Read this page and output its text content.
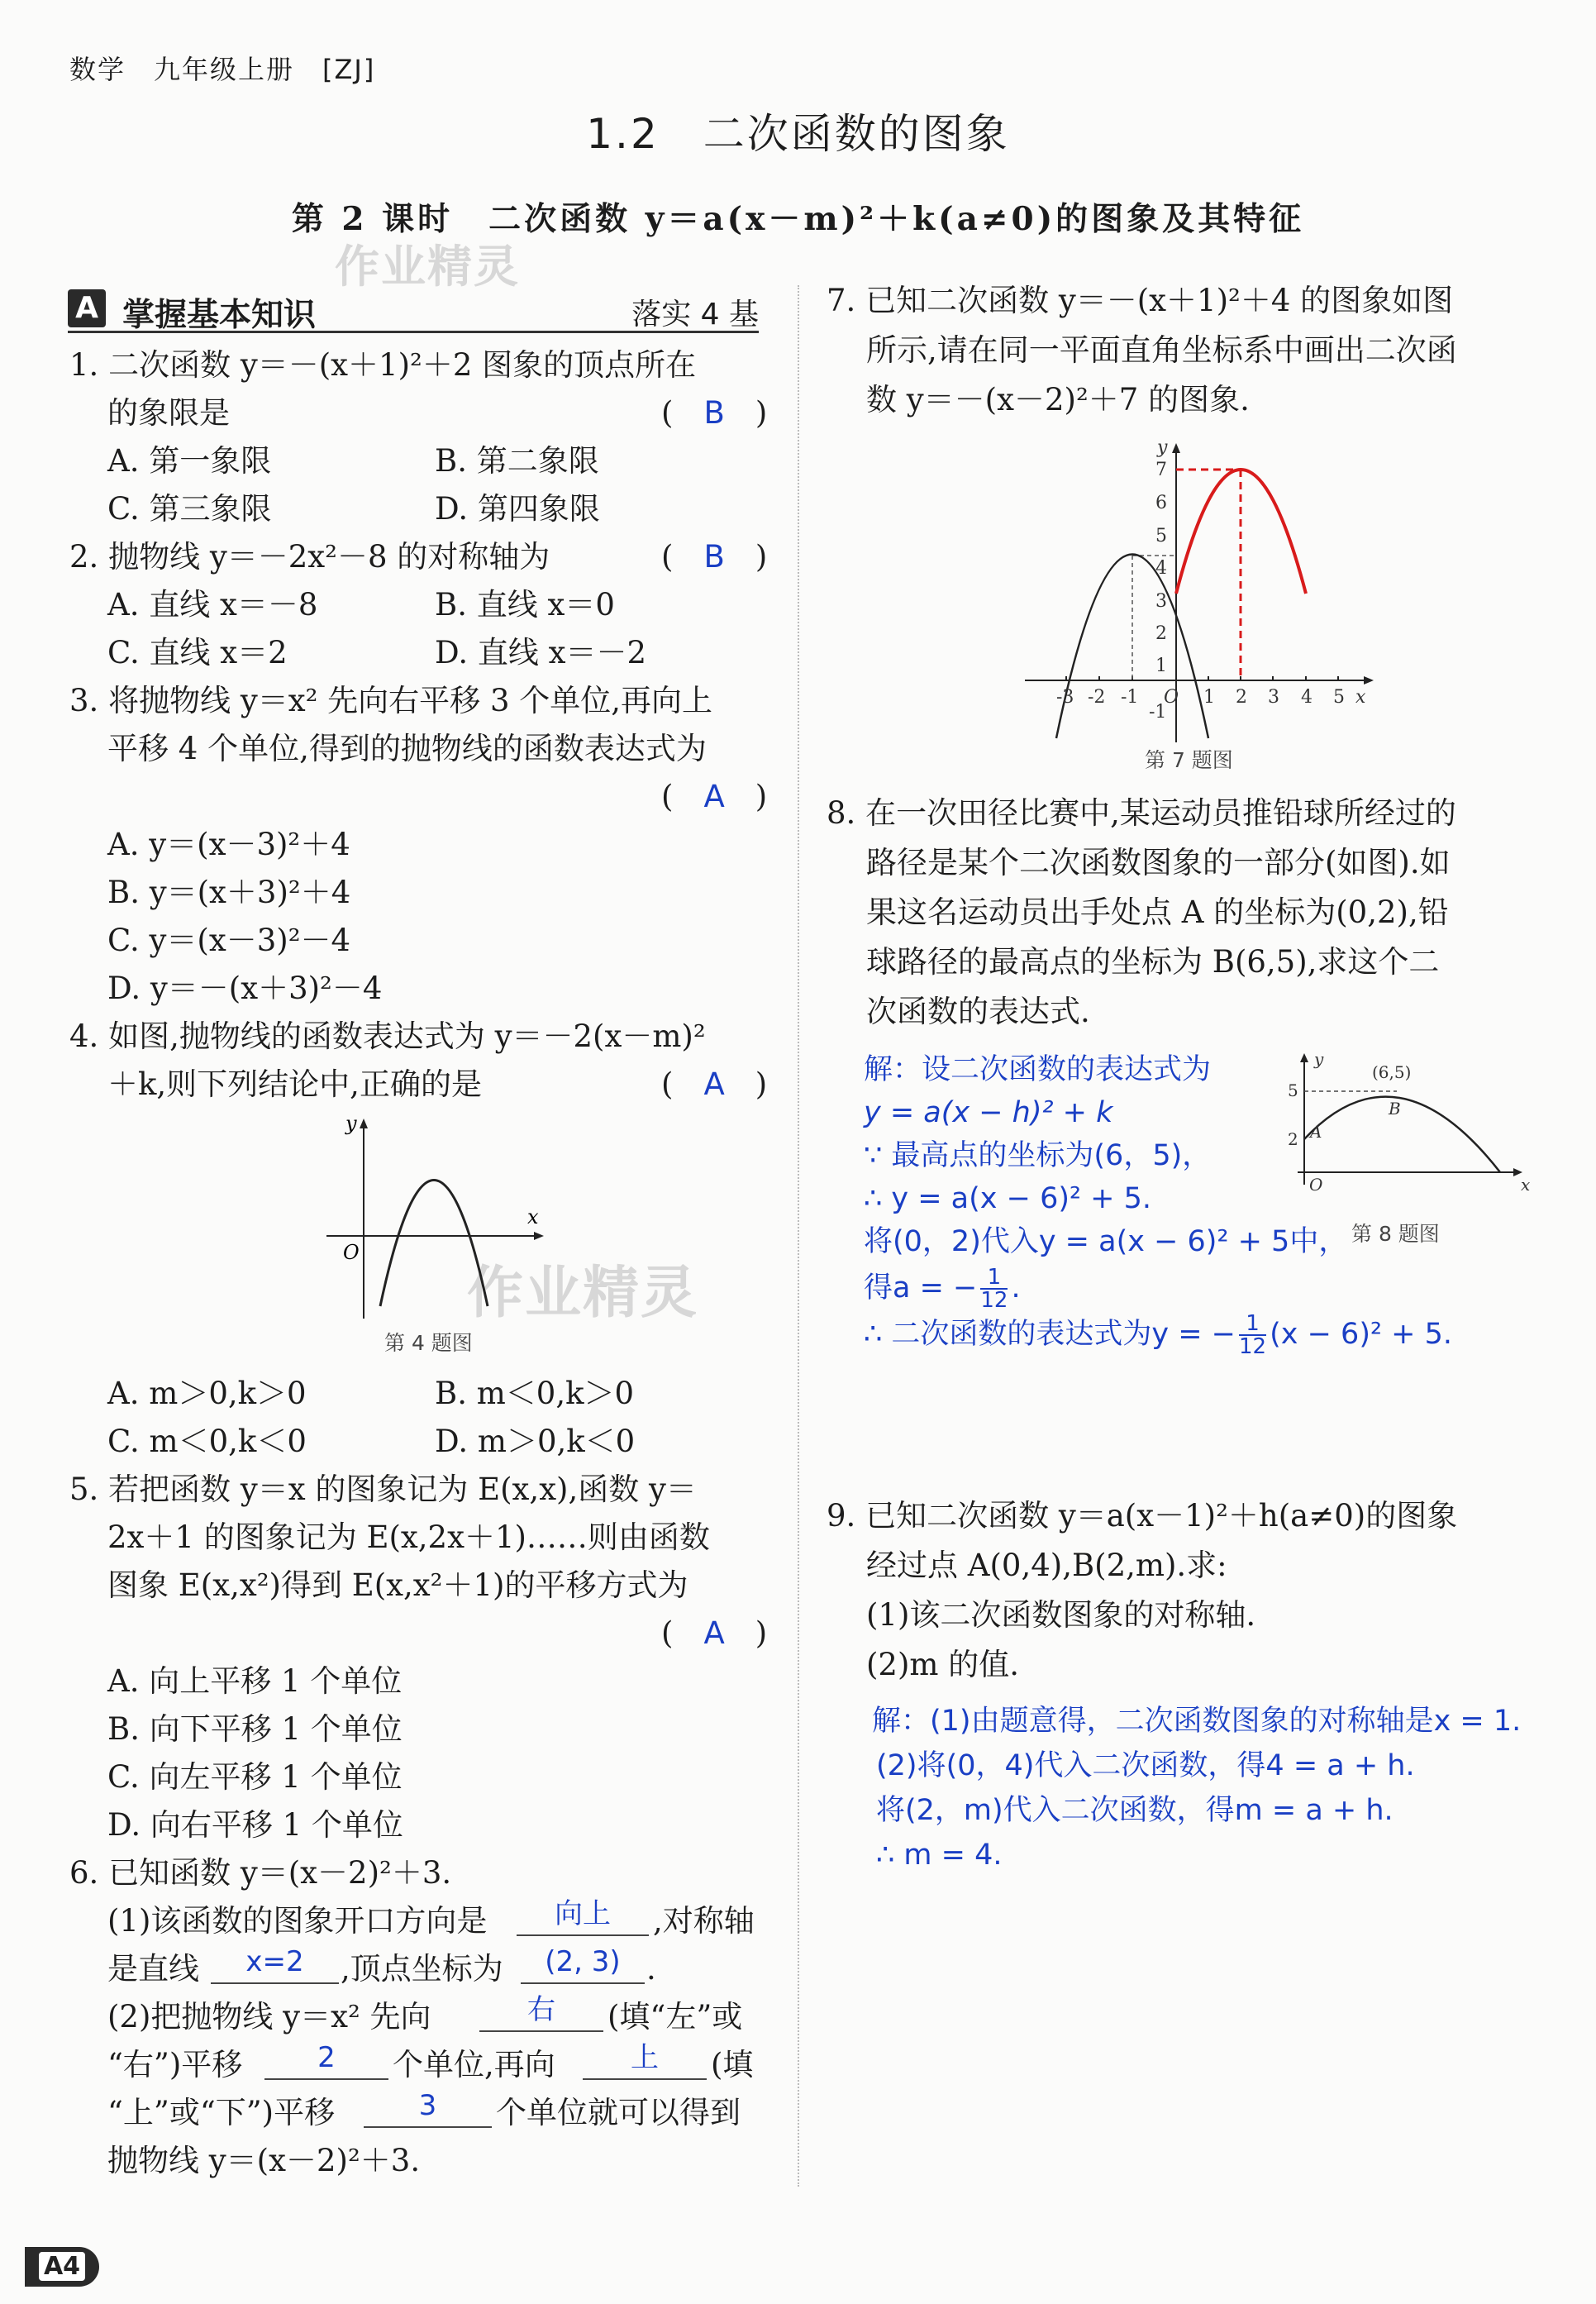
数学　九年级上册　[ZJ]
1.2　二次函数的图象
第 2 课时　二次函数 y＝a(x－m)²＋k(a≠0)的图象及其特征
作业精灵
作业精灵
A 掌握基本知识	落实 4 基
1. 二次函数 y＝－(x＋1)²＋2 图象的顶点所在
的象限是	(　B　)
A. 第一象限	B. 第二象限
C. 第三象限	D. 第四象限
2. 抛物线 y＝－2x²－8 的对称轴为	(　B　)
A. 直线 x＝－8	B. 直线 x＝0
C. 直线 x＝2	D. 直线 x＝－2
3. 将抛物线 y＝x² 先向右平移 3 个单位,再向上
平移 4 个单位,得到的抛物线的函数表达式为
(　A　)
A. y＝(x－3)²＋4
B. y＝(x＋3)²＋4
C. y＝(x－3)²－4
D. y＝－(x＋3)²－4
4. 如图,抛物线的函数表达式为 y＝－2(x－m)²
＋k,则下列结论中,正确的是	(　A　)
y
x
O
第 4 题图
A. m＞0,k＞0	B. m＜0,k＞0
C. m＜0,k＜0	D. m＞0,k＜0
5. 若把函数 y＝x 的图象记为 E(x,x),函数 y＝
2x＋1 的图象记为 E(x,2x＋1)……则由函数
图象 E(x,x²)得到 E(x,x²＋1)的平移方式为
(　A　)
A. 向上平移 1 个单位
B. 向下平移 1 个单位
C. 向左平移 1 个单位
D. 向右平移 1 个单位
6. 已知函数 y＝(x－2)²＋3.
(1)该函数的图象开口方向是	向上	,对称轴
是直线	x=2	,顶点坐标为	(2, 3) .
(2)把抛物线 y＝x² 先向	右	(填“左”或
“右”)平移	2	个单位,再向	上	(填
“上”或“下”)平移	3	个单位就可以得到
抛物线 y＝(x－2)²＋3.
7. 已知二次函数 y＝－(x＋1)²＋4 的图象如图
所示,请在同一平面直角坐标系中画出二次函
数 y＝－(x－2)²＋7 的图象.
7
6
5
4
3
2
1
-1
-3 -2 -1 O 1 2 3 4 5 x
y
第 7 题图
8. 在一次田径比赛中,某运动员推铅球所经过的
路径是某个二次函数图象的一部分(如图).如
果这名运动员出手处点 A 的坐标为(0,2),铅
球路径的最高点的坐标为 B(6,5),求这个二
次函数的表达式.
解：设二次函数的表达式为
y = a(x − h)² + k
∵ 最高点的坐标为(6，5)，
∴ y = a(x − 6)² + 5.
将(0，2)代入y = a(x − 6)² + 5中，
得a = − $\frac{1}{12}$ .
∴ 二次函数的表达式为y = − $\frac{1}{12} (x - 6)^2 + 5$.
y
x
O
5
2 A
B
(6,5)
第 8 题图
9. 已知二次函数 y＝a(x－1)²＋h(a≠0)的图象
经过点 A(0,4),B(2,m).求:
(1)该二次函数图象的对称轴.
(2)m 的值.
解：(1)由题意得，二次函数图象的对称轴是x = 1.
(2)将(0，4)代入二次函数，得4 = a + h.
将(2，m)代入二次函数，得m = a + h.
∴ m = 4.
A4
